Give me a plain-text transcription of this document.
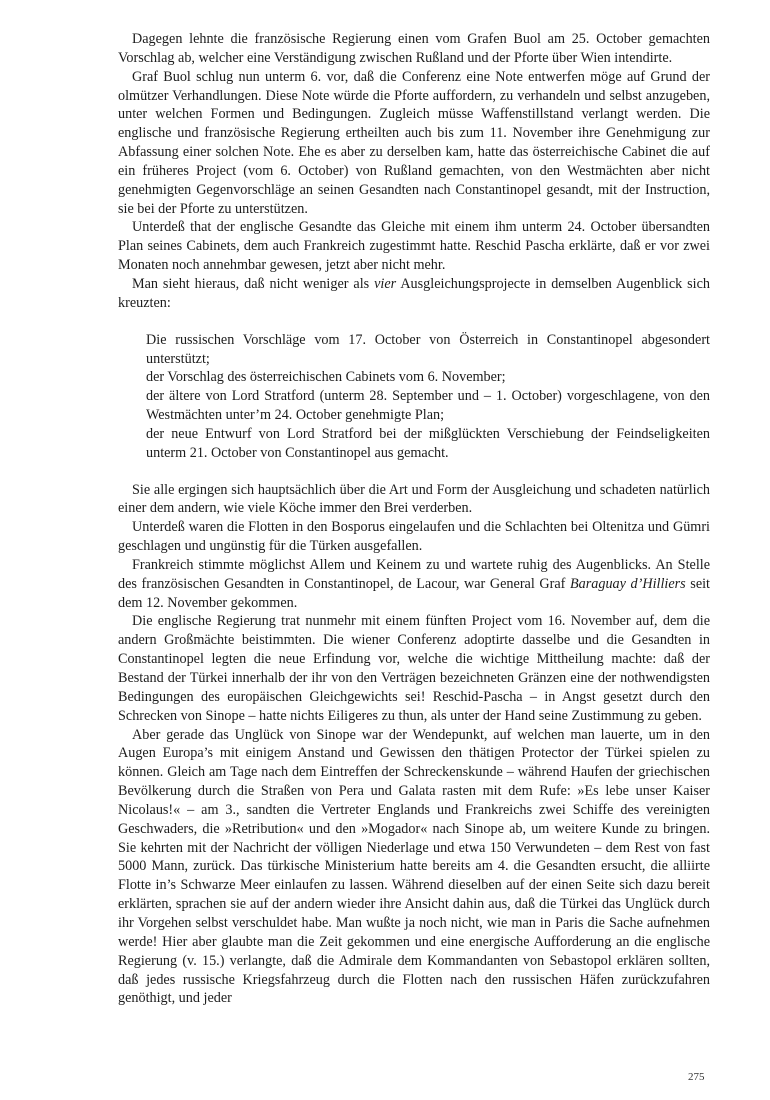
Dagegen lehnte die französische Regierung einen vom Grafen Buol am 25. October gemachten Vorschlag ab, welcher eine Verständigung zwischen Rußland und der Pforte über Wien intendirte.

Graf Buol schlug nun unterm 6. vor, daß die Conferenz eine Note entwerfen möge auf Grund der olmützer Verhandlungen. Diese Note würde die Pforte auffordern, zu verhandeln und selbst anzugeben, unter welchen Formen und Bedingungen. Zugleich müsse Waffenstillstand verlangt werden. Die englische und französische Regierung ertheilten auch bis zum 11. November ihre Genehmigung zur Abfassung einer solchen Note. Ehe es aber zu derselben kam, hatte das österreichische Cabinet die auf ein früheres Project (vom 6. October) von Rußland gemachten, von den Westmächten aber nicht genehmigten Gegenvorschläge an seinen Gesandten nach Constantinopel gesandt, mit der Instruction, sie bei der Pforte zu unterstützen.

Unterdeß that der englische Gesandte das Gleiche mit einem ihm unterm 24. October übersandten Plan seines Cabinets, dem auch Frankreich zugestimmt hatte. Reschid Pascha erklärte, daß er vor zwei Monaten noch annehmbar gewesen, jetzt aber nicht mehr.

Man sieht hieraus, daß nicht weniger als vier Ausgleichungsprojecte in demselben Augenblick sich kreuzten:

Die russischen Vorschläge vom 17. October von Österreich in Constantinopel abgesondert unterstützt;
der Vorschlag des österreichischen Cabinets vom 6. November;
der ältere von Lord Stratford (unterm 28. September und – 1. October) vorgeschlagene, von den Westmächten unter’m 24. October genehmigte Plan;
der neue Entwurf von Lord Stratford bei der mißglückten Verschiebung der Feindseligkeiten unterm 21. October von Constantinopel aus gemacht.

Sie alle ergingen sich hauptsächlich über die Art und Form der Ausgleichung und schadeten natürlich einer dem andern, wie viele Köche immer den Brei verderben.

Unterdeß waren die Flotten in den Bosporus eingelaufen und die Schlachten bei Oltenitza und Gümri geschlagen und ungünstig für die Türken ausgefallen.

Frankreich stimmte möglichst Allem und Keinem zu und wartete ruhig des Augenblicks. An Stelle des französischen Gesandten in Constantinopel, de Lacour, war General Graf Baraguay d’Hilliers seit dem 12. November gekommen.

Die englische Regierung trat nunmehr mit einem fünften Project vom 16. November auf, dem die andern Großmächte beistimmten. Die wiener Conferenz adoptirte dasselbe und die Gesandten in Constantinopel legten die neue Erfindung vor, welche die wichtige Mittheilung machte: daß der Bestand der Türkei innerhalb der ihr von den Verträgen bezeichneten Gränzen eine der nothwendigsten Bedingungen des europäischen Gleichgewichts sei! Reschid-Pascha – in Angst gesetzt durch den Schrecken von Sinope – hatte nichts Eiligeres zu thun, als unter der Hand seine Zustimmung zu geben.

Aber gerade das Unglück von Sinope war der Wendepunkt, auf welchen man lauerte, um in den Augen Europa’s mit einigem Anstand und Gewissen den thätigen Protector der Türkei spielen zu können. Gleich am Tage nach dem Eintreffen der Schreckenskunde – während Haufen der griechischen Bevölkerung durch die Straßen von Pera und Galata rasten mit dem Rufe: »Es lebe unser Kaiser Nicolaus!« – am 3., sandten die Vertreter Englands und Frankreichs zwei Schiffe des vereinigten Geschwaders, die »Retribution« und den »Mogador« nach Sinope ab, um weitere Kunde zu bringen. Sie kehrten mit der Nachricht der völligen Niederlage und etwa 150 Verwundeten – dem Rest von fast 5000 Mann, zurück. Das türkische Ministerium hatte bereits am 4. die Gesandten ersucht, die alliirte Flotte in’s Schwarze Meer einlaufen zu lassen. Während dieselben auf der einen Seite sich dazu bereit erklärten, sprachen sie auf der andern wieder ihre Ansicht dahin aus, daß die Türkei das Unglück durch ihr Vorgehen selbst verschuldet habe. Man wußte ja noch nicht, wie man in Paris die Sache aufnehmen werde! Hier aber glaubte man die Zeit gekommen und eine energische Aufforderung an die englische Regierung (v. 15.) verlangte, daß die Admirale dem Kommandanten von Sebastopol erklären sollten, daß jedes russische Kriegsfahrzeug durch die Flotten nach den russischen Häfen zurückzufahren genöthigt, und jeder

275
